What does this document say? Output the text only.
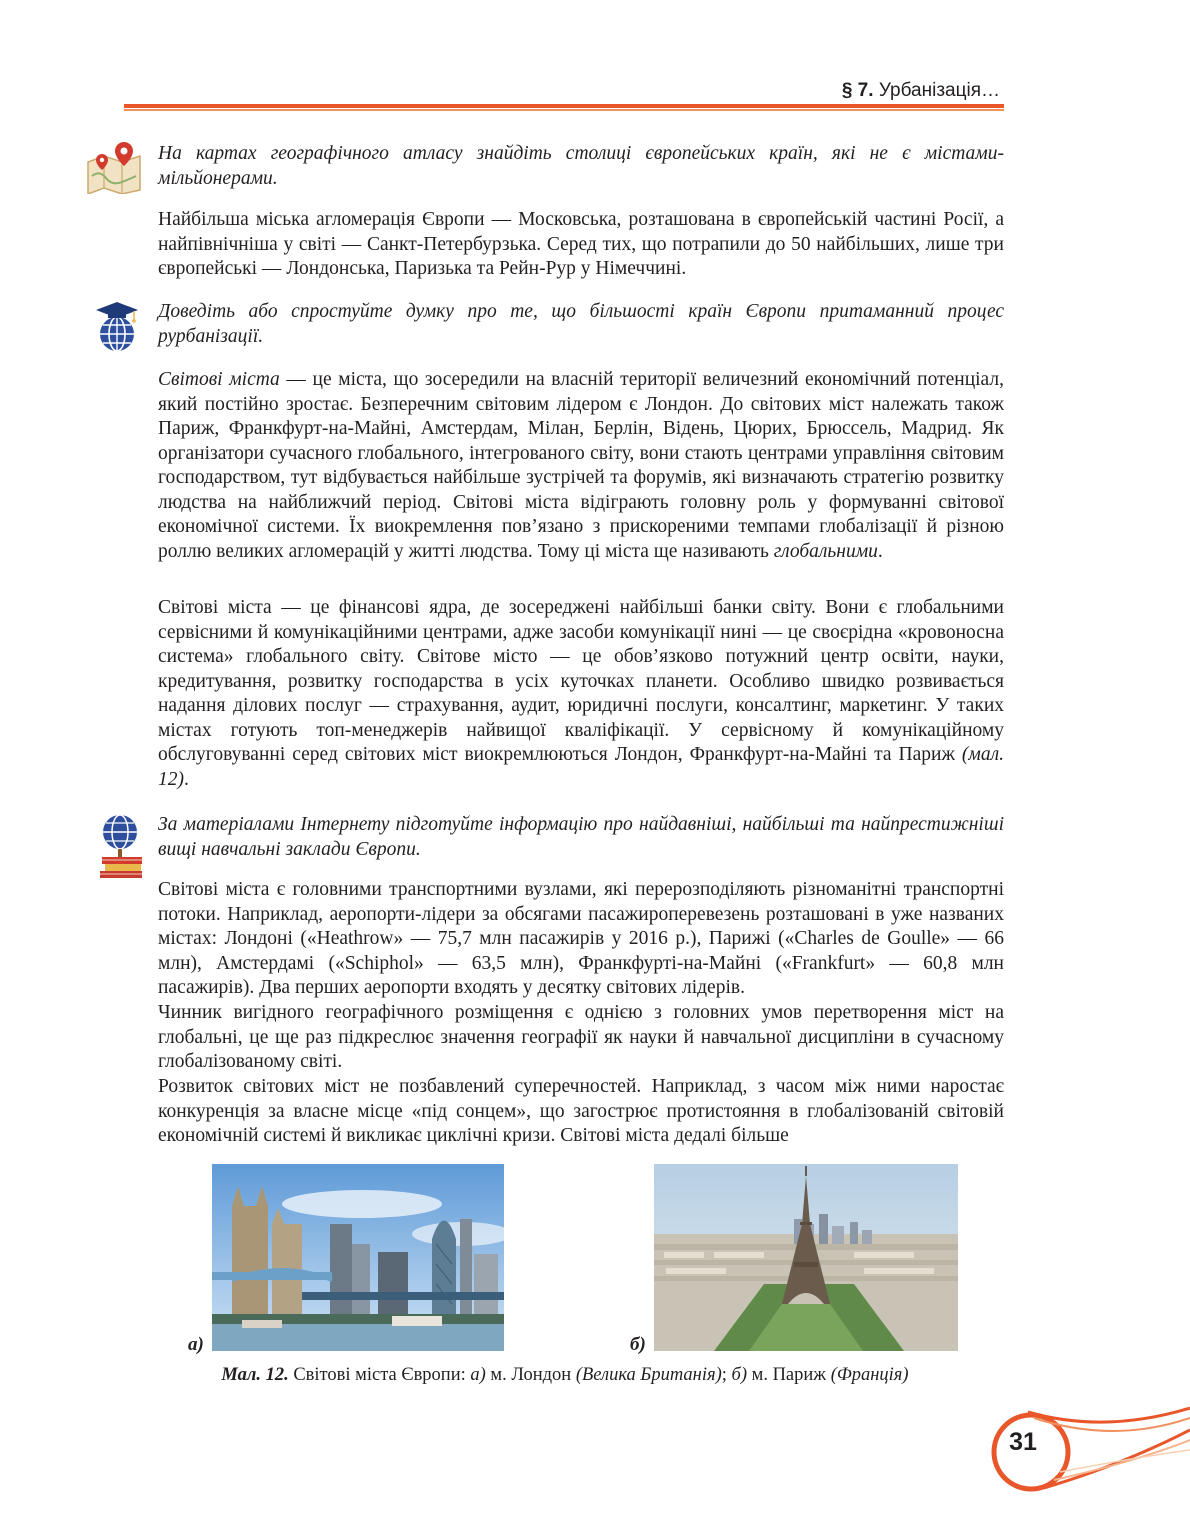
§ 7. Урбанізація…
На картах географічного атласу знайдіть столиці європейських країн, які не є містами-мільйонерами.

Найбільша міська агломерація Європи — Московська, розташована в європейській частині Росії, а найпівнічніша у світі — Санкт-Петербурзька. Серед тих, що потрапили до 50 найбільших, лише три європейські — Лондонська, Паризька та Рейн-Рур у Німеччині.

Доведіть або спростуйте думку про те, що більшості країн Європи притаманний процес рурбанізації.

Світові міста — це міста, що зосередили на власній території величезний економічний потенціал, який постійно зростає. Безперечним світовим лідером є Лондон. До світових міст належать також Париж, Франкфурт-на-Майні, Амстердам, Мілан, Берлін, Відень, Цюрих, Брюссель, Мадрид. Як організатори сучасного глобального, інтегрованого світу, вони стають центрами управління світовим господарством, тут відбувається найбільше зустрічей та форумів, які визначають стратегію розвитку людства на найближчий період. Світові міста відіграють головну роль у формуванні світової економічної системи. Їх виокремлення пов’язано з прискореними темпами глобалізації й різною роллю великих агломерацій у житті людства. Тому ці міста ще називають глобальними.

Світові міста — це фінансові ядра, де зосереджені найбільші банки світу. Вони є глобальними сервісними й комунікаційними центрами, адже засоби комунікації нині — це своєрідна «кровоносна система» глобального світу. Світове місто — це обов’язково потужний центр освіти, науки, кредитування, розвитку господарства в усіх куточках планети. Особливо швидко розвивається надання ділових послуг — страхування, аудит, юридичні послуги, консалтинг, маркетинг. У таких містах готують топ-менеджерів найвищої кваліфікації. У сервісному й комунікаційному обслуговуванні серед світових міст виокремлюються Лондон, Франкфурт-на-Майні та Париж (мал. 12).

За матеріалами Інтернету підготуйте інформацію про найдавніші, найбільші та найпрестижніші вищі навчальні заклади Європи.

Світові міста є головними транспортними вузлами, які перерозподіляють різноманітні транспортні потоки. Наприклад, аеропорти-лідери за обсягами пасажироперевезень розташовані в уже названих містах: Лондоні («Heathrow» — 75,7 млн пасажирів у 2016 р.), Парижі («Charles de Goulle» — 66 млн), Амстердамі («Schiphol» — 63,5 млн), Франкфурті-на-Майні («Frankfurt» — 60,8 млн пасажирів). Два перших аеропорти входять у десятку світових лідерів.

Чинник вигідного географічного розміщення є однією з головних умов перетворення міст на глобальні, це ще раз підкреслює значення географії як науки й навчальної дисципліни в сучасному глобалізованому світі.

Розвиток світових міст не позбавлений суперечностей. Наприклад, з часом між ними наростає конкуренція за власне місце «під сонцем», що загострює протистояння в глобалізованій світовій економічній системі й викликає циклічні кризи. Світові міста дедалі більше

а)	б)
Мал. 12. Світові міста Європи: а) м. Лондон (Велика Британія); б) м. Париж (Франція)
31
